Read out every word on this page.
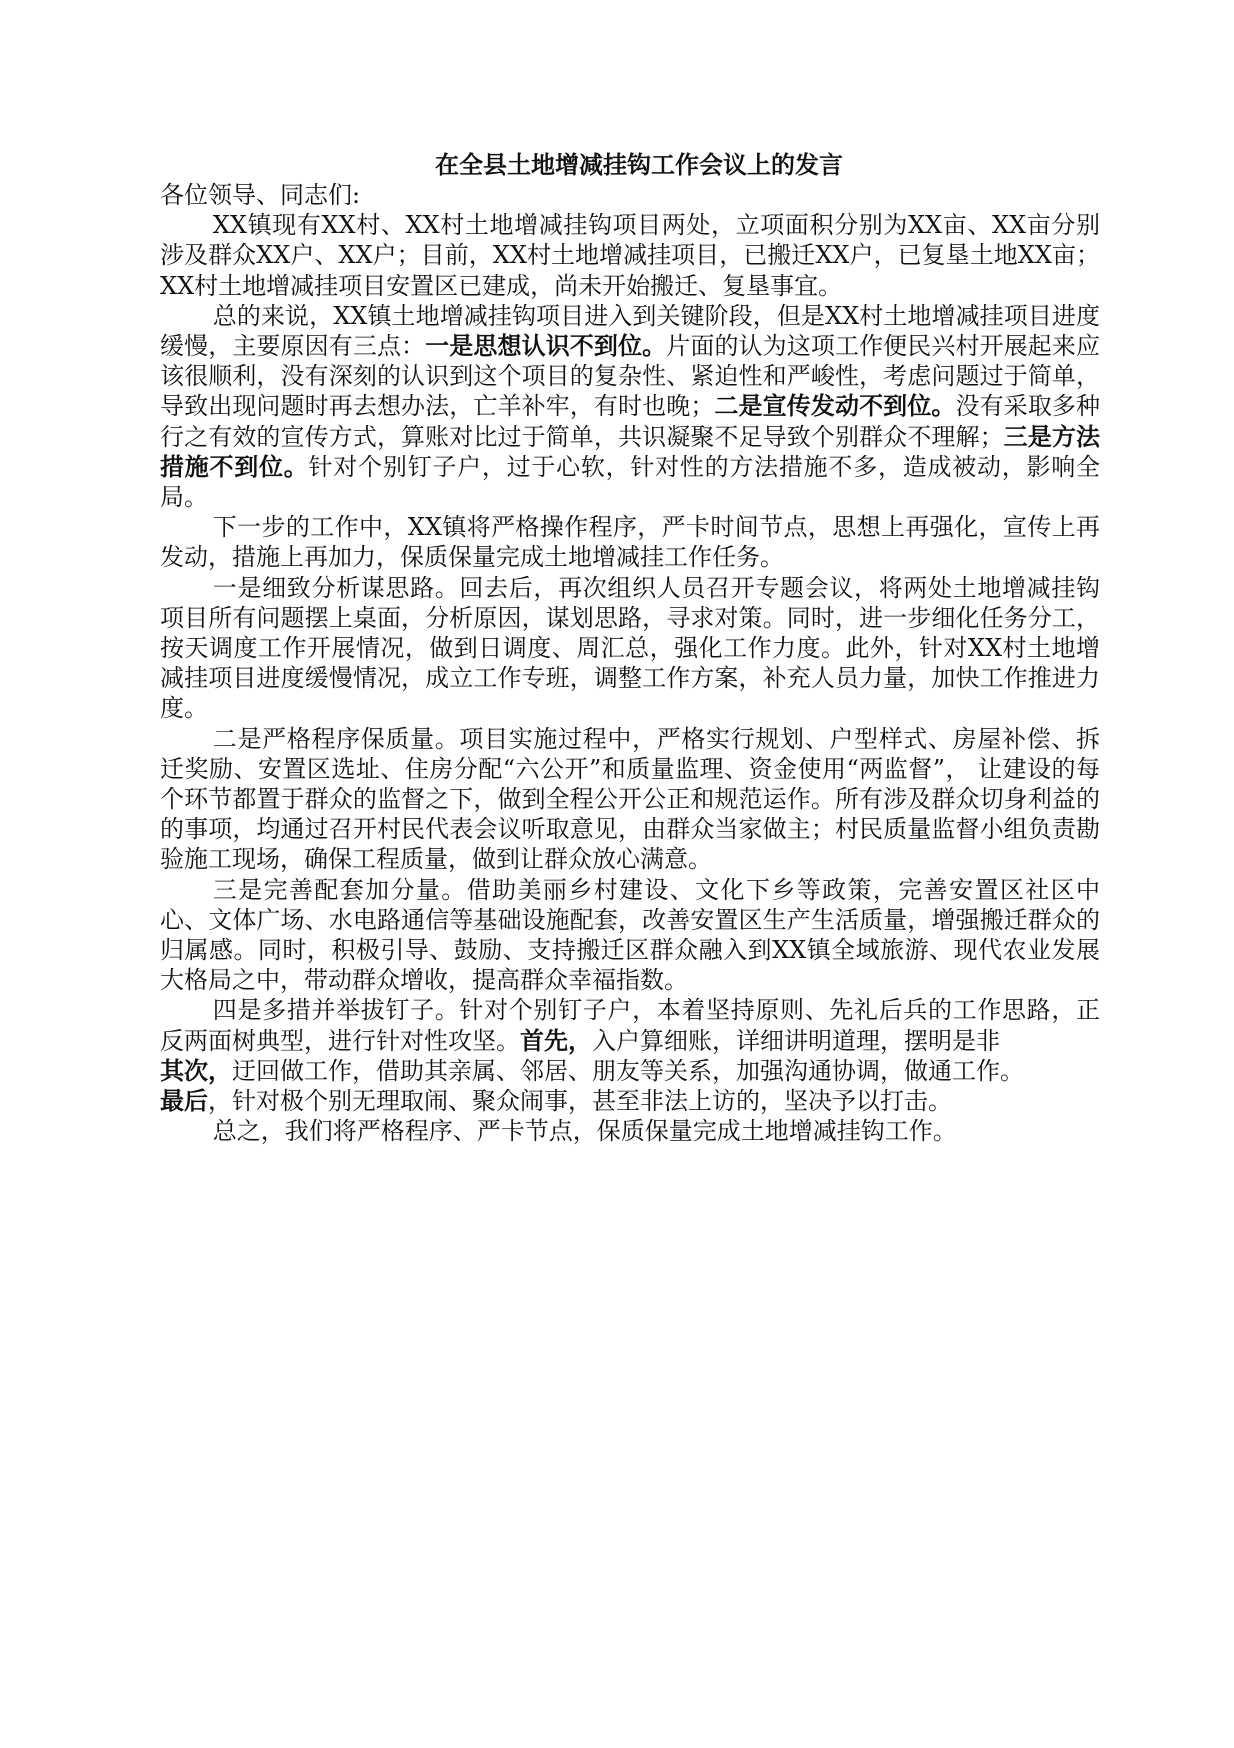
在全县土地增减挂钩工作会议上的发言

各位领导、同志们:

XX镇现有XX村、XX村土地增减挂钩项目两处，立项面积分别为XX亩、XX亩分别涉及群众XX户、XX户；目前，XX村土地增减挂项目，已搬迁XX户，已复垦土地XX亩；XX村土地增减挂项目安置区已建成，尚未开始搬迁、复垦事宜。

总的来说，XX镇土地增减挂钩项目进入到关键阶段，但是XX村土地增减挂项目进度缓慢，主要原因有三点：一是思想认识不到位。片面的认为这项工作便民兴村开展起来应该很顺利，没有深刻的认识到这个项目的复杂性、紧迫性和严峻性，考虑问题过于简单，导致出现问题时再去想办法，亡羊补牢，有时也晚；二是宣传发动不到位。没有采取多种行之有效的宣传方式，算账对比过于简单，共识凝聚不足导致个别群众不理解；三是方法措施不到位。针对个别钉子户，过于心软，针对性的方法措施不多，造成被动，影响全局。

下一步的工作中，XX镇将严格操作程序，严卡时间节点，思想上再强化，宣传上再发动，措施上再加力，保质保量完成土地增减挂工作任务。

一是细致分析谋思路。回去后，再次组织人员召开专题会议，将两处土地增减挂钩项目所有问题摆上桌面，分析原因，谋划思路，寻求对策。同时，进一步细化任务分工，按天调度工作开展情况，做到日调度、周汇总，强化工作力度。此外，针对XX村土地增减挂项目进度缓慢情况，成立工作专班，调整工作方案，补充人员力量，加快工作推进力度。

二是严格程序保质量。项目实施过程中，严格实行规划、户型样式、房屋补偿、拆迁奖励、安置区选址、住房分配“六公开”和质量监理、资金使用“两监督”， 让建设的每个环节都置于群众的监督之下，做到全程公开公正和规范运作。所有涉及群众切身利益的的事项，均通过召开村民代表会议听取意见，由群众当家做主；村民质量监督小组负责勘验施工现场，确保工程质量，做到让群众放心满意。

三是完善配套加分量。借助美丽乡村建设、文化下乡等政策，完善安置区社区中心、文体广场、水电路通信等基础设施配套，改善安置区生产生活质量，增强搬迁群众的归属感。同时，积极引导、鼓励、支持搬迁区群众融入到XX镇全域旅游、现代农业发展大格局之中，带动群众增收，提高群众幸福指数。

四是多措并举拔钉子。针对个别钉子户，本着坚持原则、先礼后兵的工作思路，正反两面树典型，进行针对性攻坚。首先，入户算细账，详细讲明道理，摆明是非
其次，迂回做工作，借助其亲属、邻居、朋友等关系，加强沟通协调，做通工作。
最后，针对极个别无理取闹、聚众闹事，甚至非法上访的，坚决予以打击。

总之，我们将严格程序、严卡节点，保质保量完成土地增减挂钩工作。
